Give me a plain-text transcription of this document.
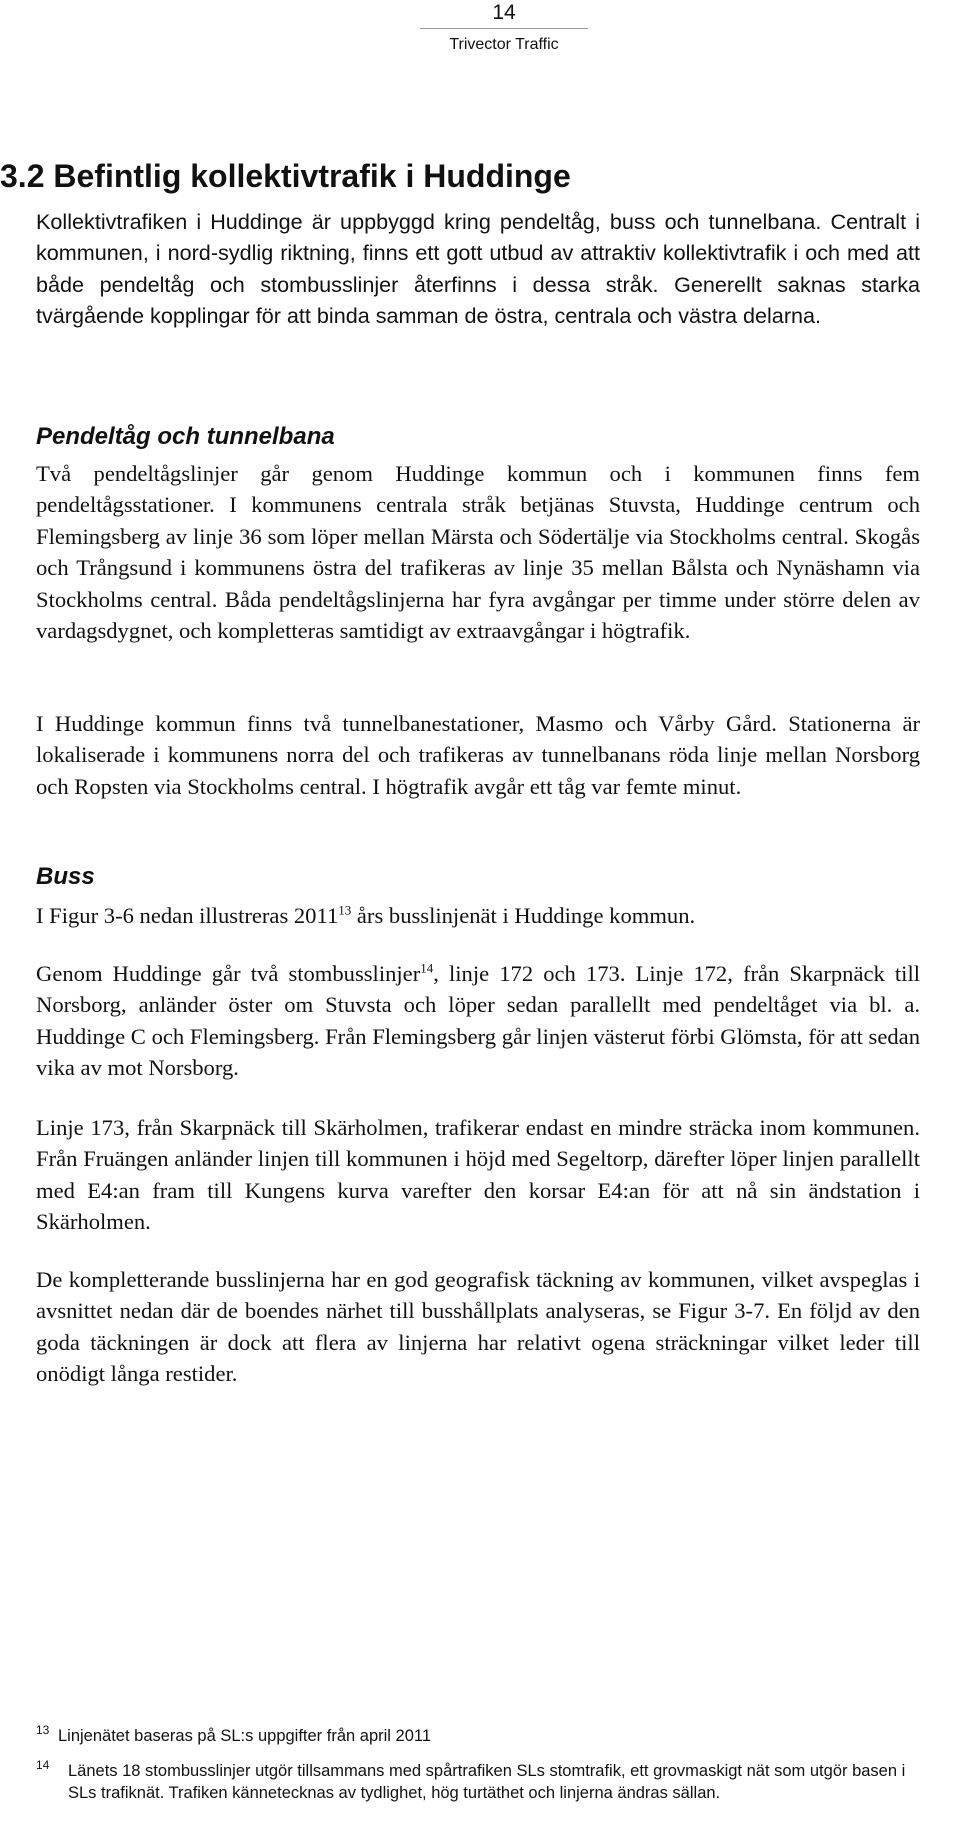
14
Trivector Traffic
3.2 Befintlig kollektivtrafik i Huddinge
Kollektivtrafiken i Huddinge är uppbyggd kring pendeltåg, buss och tunnelbana. Centralt i kommunen, i nord-sydlig riktning, finns ett gott utbud av attraktiv kollektivtrafik i och med att både pendeltåg och stombusslinjer återfinns i dessa stråk. Generellt saknas starka tvärgående kopplingar för att binda samman de östra, centrala och västra delarna.
Pendeltåg och tunnelbana
Två pendeltågslinjer går genom Huddinge kommun och i kommunen finns fem pendeltågsstationer. I kommunens centrala stråk betjänas Stuvsta, Huddinge centrum och Flemingsberg av linje 36 som löper mellan Märsta och Södertälje via Stockholms central. Skogås och Trångsund i kommunens östra del trafikeras av linje 35 mellan Bålsta och Nynäshamn via Stockholms central. Båda pendeltågslinjerna har fyra avgångar per timme under större delen av vardagsdygnet, och kompletteras samtidigt av extraavgångar i högtrafik.
I Huddinge kommun finns två tunnelbanestationer, Masmo och Vårby Gård. Stationerna är lokaliserade i kommunens norra del och trafikeras av tunnelbanans röda linje mellan Norsborg och Ropsten via Stockholms central. I högtrafik avgår ett tåg var femte minut.
Buss
I Figur 3-6 nedan illustreras 2011$^{13}$ års busslinjenät i Huddinge kommun.
Genom Huddinge går två stombusslinjer$^{14}$, linje 172 och 173. Linje 172, från Skarpnäck till Norsborg, anländer öster om Stuvsta och löper sedan parallellt med pendeltåget via bl. a. Huddinge C och Flemingsberg. Från Flemingsberg går linjen västerut förbi Glömsta, för att sedan vika av mot Norsborg.
Linje 173, från Skarpnäck till Skärholmen, trafikerar endast en mindre sträcka inom kommunen. Från Fruängen anländer linjen till kommunen i höjd med Segeltorp, därefter löper linjen parallellt med E4:an fram till Kungens kurva varefter den korsar E4:an för att nå sin ändstation i Skärholmen.
De kompletterande busslinjerna har en god geografisk täckning av kommunen, vilket avspeglas i avsnittet nedan där de boendes närhet till busshållplats analyseras, se Figur 3-7. En följd av den goda täckningen är dock att flera av linjerna har relativt ogena sträckningar vilket leder till onödigt långa restider.
13 Linjenätet baseras på SL:s uppgifter från april 2011
14	Länets 18 stombusslinjer utgör tillsammans med spårtrafiken SLs stomtrafik, ett grovmaskigt nät som utgör basen i SLs trafiknät. Trafiken kännetecknas av tydlighet, hög turtäthet och linjerna ändras sällan.
